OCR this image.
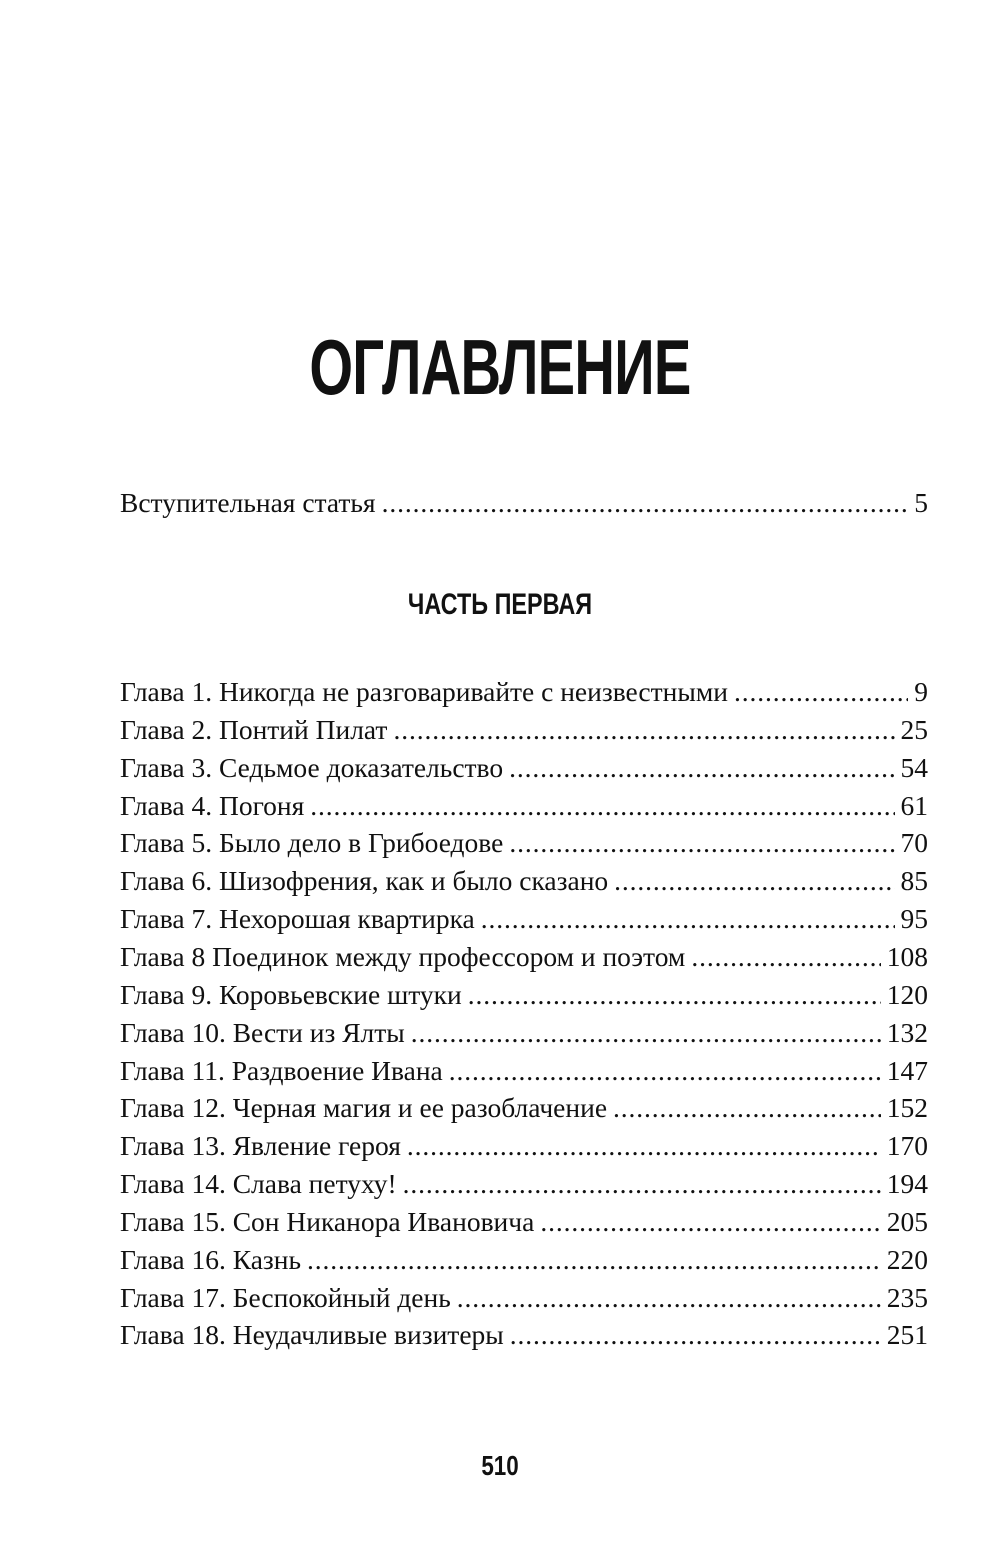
ОГЛАВЛЕНИЕ
Вступительная статья . . .	5
ЧАСТЬ ПЕРВАЯ
Глава 1. Никогда не разговаривайте с неизвестными . . .	9
Глава 2. Понтий Пилат . . .	25
Глава 3. Седьмое доказательство . . .	54
Глава 4. Погоня . . .	61
Глава 5. Было дело в Грибоедове . . .	70
Глава 6. Шизофрения, как и было сказано . . .	85
Глава 7. Нехорошая квартирка . . .	95
Глава 8 Поединок между профессором и поэтом . . .	108
Глава 9. Коровьевские штуки . . .	120
Глава 10. Вести из Ялты . . .	132
Глава 11. Раздвоение Ивана . . .	147
Глава 12. Черная магия и ее разоблачение . . .	152
Глава 13. Явление героя . . .	170
Глава 14. Слава петуху! . . .	194
Глава 15. Сон Никанора Ивановича . . .	205
Глава 16. Казнь . . .	220
Глава 17. Беспокойный день . . .	235
Глава 18. Неудачливые визитеры . . .	251
510
